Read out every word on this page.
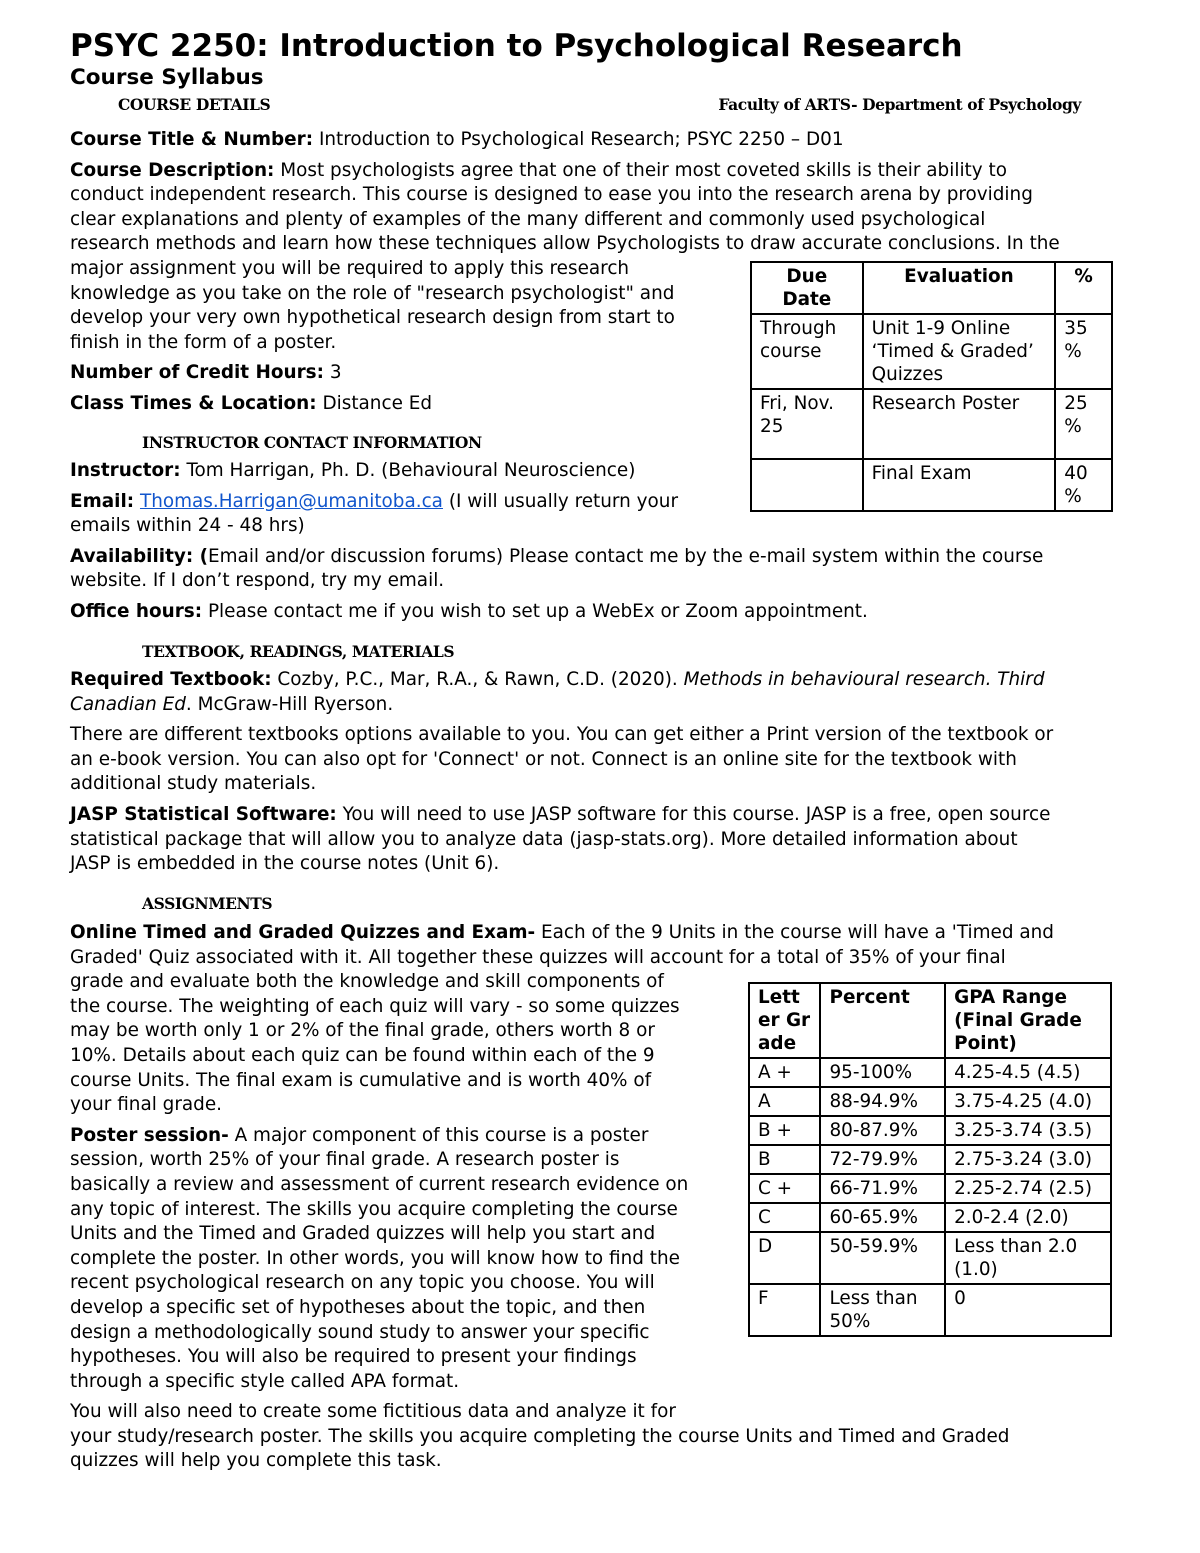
PSYC 2250: Introduction to Psychological Research
Course Syllabus
COURSE DETAILS	Faculty of ARTS- Department of Psychology
Course Title & Number: Introduction to Psychological Research; PSYC 2250 – D01
Course Description: Most psychologists agree that one of their most coveted skills is their ability to
conduct independent research. This course is designed to ease you into the research arena by providing
clear explanations and plenty of examples of the many different and commonly used psychological
research methods and learn how these techniques allow Psychologists to draw accurate conclusions. In the
major assignment you will be required to apply this research
knowledge as you take on the role of "research psychologist" and
develop your very own hypothetical research design from start to
finish in the form of a poster.
Number of Credit Hours: 3
Class Times & Location: Distance Ed
Due Date	Evaluation	%
Through course	Unit 1-9 Online ‘Timed & Graded’ Quizzes	35 %
Fri, Nov. 25	Research Poster	25 %
	Final Exam	40 %
INSTRUCTOR CONTACT INFORMATION
Instructor: Tom Harrigan, Ph. D. (Behavioural Neuroscience)
Email: Thomas.Harrigan@umanitoba.ca (I will usually return your
emails within 24 - 48 hrs)
Availability: (Email and/or discussion forums) Please contact me by the e-mail system within the course
website. If I don’t respond, try my email.
Office hours: Please contact me if you wish to set up a WebEx or Zoom appointment.
TEXTBOOK, READINGS, MATERIALS
Required Textbook: Cozby, P.C., Mar, R.A., & Rawn, C.D. (2020). Methods in behavioural research. Third
Canadian Ed. McGraw-Hill Ryerson.
There are different textbooks options available to you. You can get either a Print version of the textbook or
an e-book version. You can also opt for 'Connect' or not. Connect is an online site for the textbook with
additional study materials.
JASP Statistical Software: You will need to use JASP software for this course. JASP is a free, open source
statistical package that will allow you to analyze data (jasp-stats.org). More detailed information about
JASP is embedded in the course notes (Unit 6).
ASSIGNMENTS
Online Timed and Graded Quizzes and Exam- Each of the 9 Units in the course will have a 'Timed and
Graded' Quiz associated with it. All together these quizzes will account for a total of 35% of your final
grade and evaluate both the knowledge and skill components of
the course. The weighting of each quiz will vary - so some quizzes
may be worth only 1 or 2% of the final grade, others worth 8 or
10%. Details about each quiz can be found within each of the 9
course Units. The final exam is cumulative and is worth 40% of
your final grade.
Poster session- A major component of this course is a poster
session, worth 25% of your final grade. A research poster is
basically a review and assessment of current research evidence on
any topic of interest. The skills you acquire completing the course
Units and the Timed and Graded quizzes will help you start and
complete the poster. In other words, you will know how to find the
recent psychological research on any topic you choose. You will
develop a specific set of hypotheses about the topic, and then
design a methodologically sound study to answer your specific
hypotheses. You will also be required to present your findings
through a specific style called APA format.
You will also need to create some fictitious data and analyze it for
your study/research poster. The skills you acquire completing the course Units and Timed and Graded
quizzes will help you complete this task.
Letter Grade	Percent	GPA Range (Final Grade Point)
A +	95-100%	4.25-4.5 (4.5)
A	88-94.9%	3.75-4.25 (4.0)
B +	80-87.9%	3.25-3.74 (3.5)
B	72-79.9%	2.75-3.24 (3.0)
C +	66-71.9%	2.25-2.74 (2.5)
C	60-65.9%	2.0-2.4 (2.0)
D	50-59.9%	Less than 2.0 (1.0)
F	Less than 50%	0
